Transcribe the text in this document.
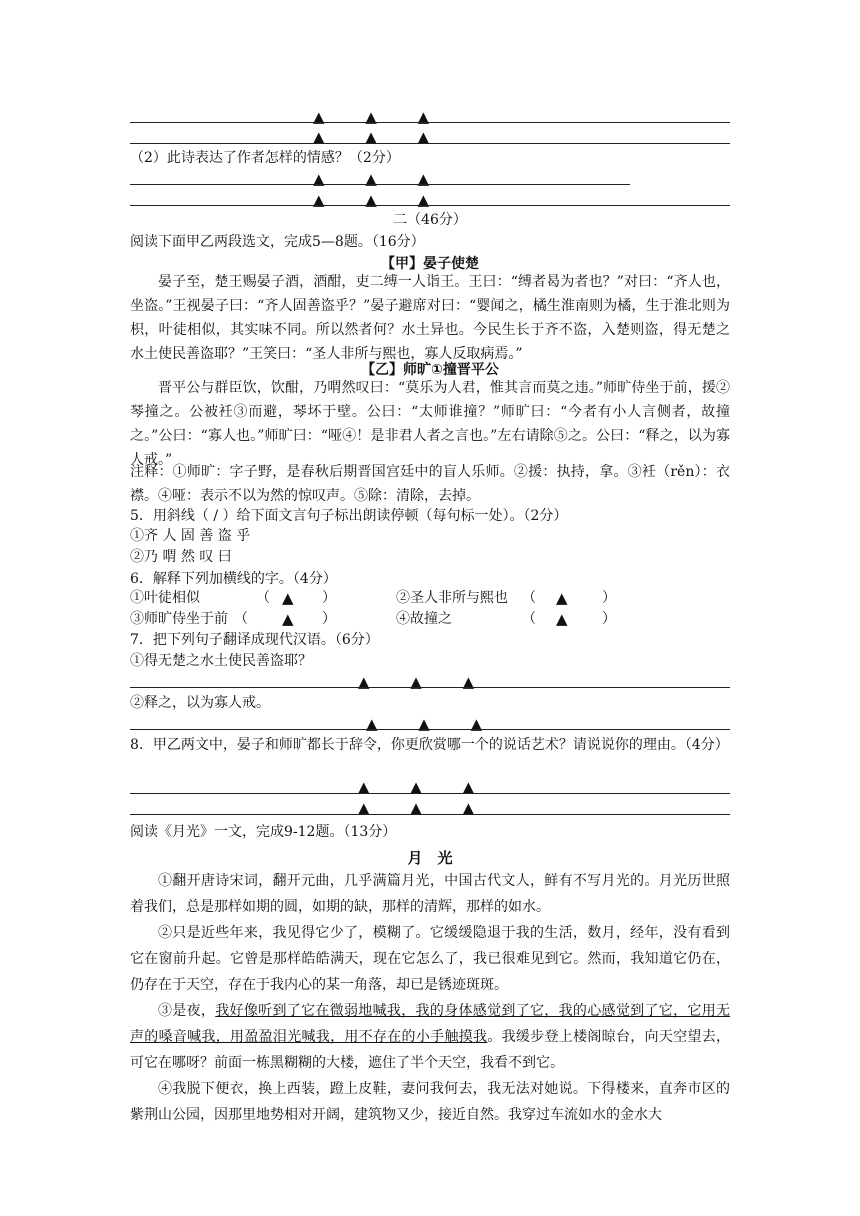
▲ ▲ ▲
▲ ▲ ▲
（2）此诗表达了作者怎样的情感？（2分）
▲ ▲ ▲
▲ ▲ ▲
二（46分）
阅读下面甲乙两段选文，完成5—8题。（16分）
【甲】晏子使楚
晏子至，楚王赐晏子酒，酒酣，吏二缚一人诣王。王曰：“缚者曷为者也？”对曰：“齐人也，坐盗。”王视晏子曰：“齐人固善盗乎？”晏子避席对曰：“婴闻之，橘生淮南则为橘，生于淮北则为枳，叶徒相似，其实味不同。所以然者何？水土异也。今民生长于齐不盗，入楚则盗，得无楚之水土使民善盗耶？”王笑曰：“圣人非所与熙也，寡人反取病焉。”
【乙】师旷①撞晋平公
晋平公与群臣饮，饮酣，乃喟然叹曰：“莫乐为人君，惟其言而莫之违。”师旷侍坐于前，援②琴撞之。公被衽③而避，琴坏于壁。公曰：“太师谁撞？”师旷曰：“今者有小人言侧者，故撞之。”公曰：“寡人也。”师旷曰：“哑④！是非君人者之言也。”左右请除⑤之。公曰：“释之，以为寡人戒。”
注释：①师旷：字子野，是春秋后期晋国宫廷中的盲人乐师。②援：执持，拿。③衽（rěn）：衣襟。④哑：表示不以为然的惊叹声。⑤除：清除，去掉。
5．用斜线（ / ）给下面文言句子标出朗读停顿（每句标一处）。（2分）
①齐 人 固 善 盗 乎
②乃 喟 然 叹 曰
6．解释下列加横线的字。（4分）
①叶徒相似	（ ▲ ）	②圣人非所与熙也 （ ▲ ）
③师旷侍坐于前 （ ▲ ）	④故撞之	（ ▲ ）
7．把下列句子翻译成现代汉语。（6分）
①得无楚之水土使民善盗耶？
▲ ▲ ▲
②释之，以为寡人戒。
▲ ▲ ▲
8．甲乙两文中，晏子和师旷都长于辞令，你更欣赏哪一个的说话艺术？请说说你的理由。（4分）
▲ ▲ ▲
▲ ▲ ▲
阅读《月光》一文，完成9-12题。（13分）
月　光
①翻开唐诗宋词，翻开元曲，几乎满篇月光，中国古代文人，鲜有不写月光的。月光历世照着我们，总是那样如期的圆，如期的缺，那样的清辉，那样的如水。
②只是近些年来，我见得它少了，模糊了。它缓缓隐退于我的生活，数月，经年，没有看到它在窗前升起。它曾是那样皓皓满天，现在它怎么了，我已很难见到它。然而，我知道它仍在，仍存在于天空，存在于我内心的某一角落，却已是锈迹斑斑。
③是夜，我好像听到了它在微弱地喊我，我的身体感觉到了它，我的心感觉到了它，它用无声的嗓音喊我，用盈盈泪光喊我，用不存在的小手触摸我。我缓步登上楼阁晾台，向天空望去，可它在哪呀？前面一栋黑糊糊的大楼，遮住了半个天空，我看不到它。
④我脱下便衣，换上西装，蹬上皮鞋，妻问我何去，我无法对她说。下得楼来，直奔市区的紫荆山公园，因那里地势相对开阔，建筑物又少，接近自然。我穿过车流如水的金水大
